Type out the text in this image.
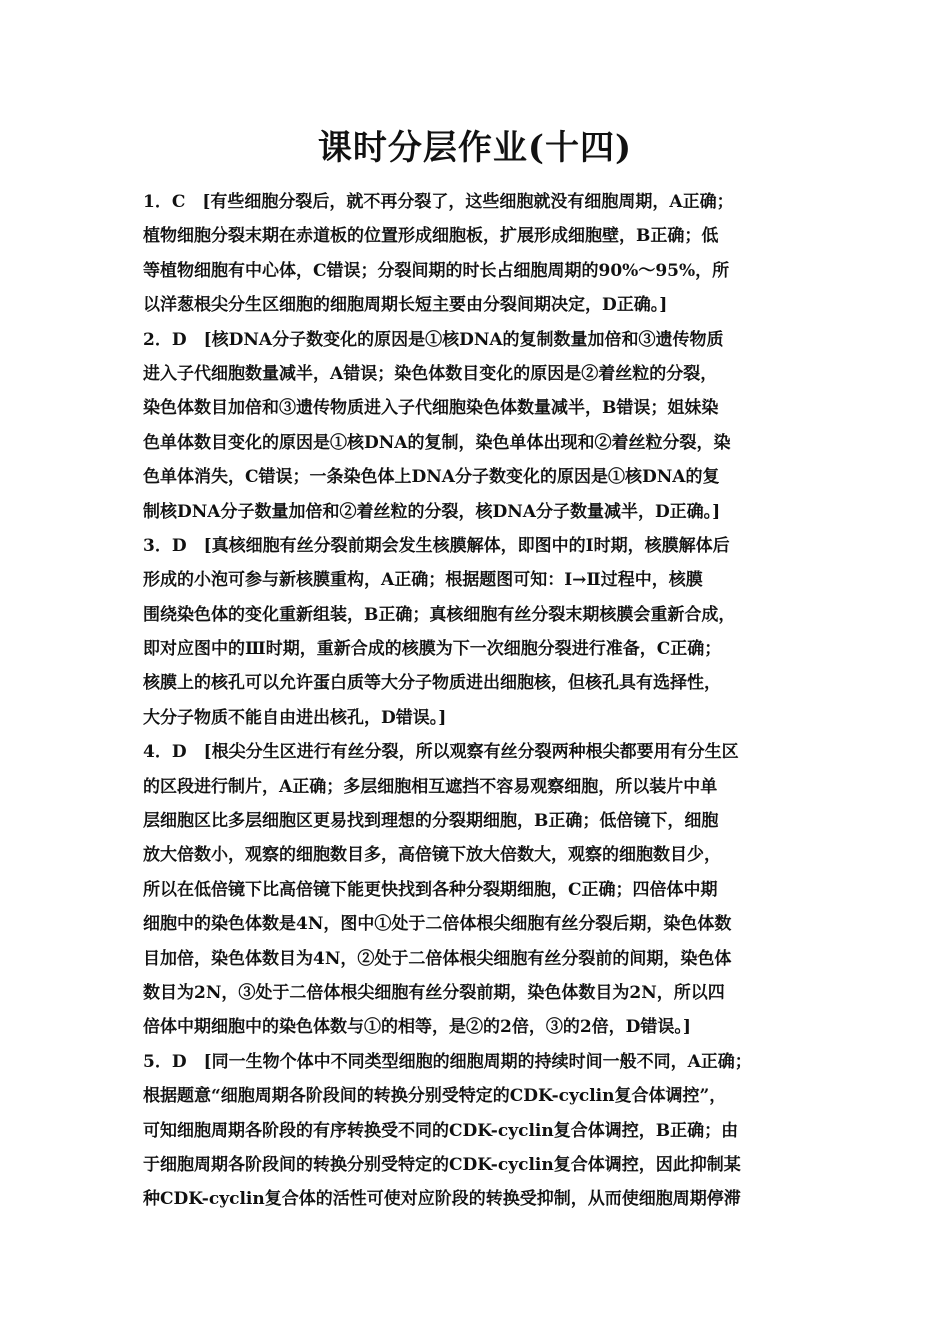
课时分层作业(十四)
1．C　[有些细胞分裂后，就不再分裂了，这些细胞就没有细胞周期，A正确；
植物细胞分裂末期在赤道板的位置形成细胞板，扩展形成细胞壁，B正确；低
等植物细胞有中心体，C错误；分裂间期的时长占细胞周期的90%～95%，所
以洋葱根尖分生区细胞的细胞周期长短主要由分裂间期决定，D正确。]
2．D　[核DNA分子数变化的原因是①核DNA的复制数量加倍和③遗传物质
进入子代细胞数量减半，A错误；染色体数目变化的原因是②着丝粒的分裂，
染色体数目加倍和③遗传物质进入子代细胞染色体数量减半，B错误；姐妹染
色单体数目变化的原因是①核DNA的复制，染色单体出现和②着丝粒分裂，染
色单体消失，C错误；一条染色体上DNA分子数变化的原因是①核DNA的复
制核DNA分子数量加倍和②着丝粒的分裂，核DNA分子数量减半，D正确。]
3．D　[真核细胞有丝分裂前期会发生核膜解体，即图中的Ⅰ时期，核膜解体后
形成的小泡可参与新核膜重构，A正确；根据题图可知：Ⅰ→Ⅱ过程中，核膜
围绕染色体的变化重新组装，B正确；真核细胞有丝分裂末期核膜会重新合成，
即对应图中的Ⅲ时期，重新合成的核膜为下一次细胞分裂进行准备，C正确；
核膜上的核孔可以允许蛋白质等大分子物质进出细胞核，但核孔具有选择性，
大分子物质不能自由进出核孔，D错误。]
4．D　[根尖分生区进行有丝分裂，所以观察有丝分裂两种根尖都要用有分生区
的区段进行制片，A正确；多层细胞相互遮挡不容易观察细胞，所以装片中单
层细胞区比多层细胞区更易找到理想的分裂期细胞，B正确；低倍镜下，细胞
放大倍数小，观察的细胞数目多，高倍镜下放大倍数大，观察的细胞数目少，
所以在低倍镜下比高倍镜下能更快找到各种分裂期细胞，C正确；四倍体中期
细胞中的染色体数是4N，图中①处于二倍体根尖细胞有丝分裂后期，染色体数
目加倍，染色体数目为4N，②处于二倍体根尖细胞有丝分裂前的间期，染色体
数目为2N，③处于二倍体根尖细胞有丝分裂前期，染色体数目为2N，所以四
倍体中期细胞中的染色体数与①的相等，是②的2倍，③的2倍，D错误。]
5．D　[同一生物个体中不同类型细胞的细胞周期的持续时间一般不同，A正确；
根据题意“细胞周期各阶段间的转换分别受特定的CDK-cyclin复合体调控”，
可知细胞周期各阶段的有序转换受不同的CDK-cyclin复合体调控，B正确；由
于细胞周期各阶段间的转换分别受特定的CDK-cyclin复合体调控，因此抑制某
种CDK-cyclin复合体的活性可使对应阶段的转换受抑制，从而使细胞周期停滞
